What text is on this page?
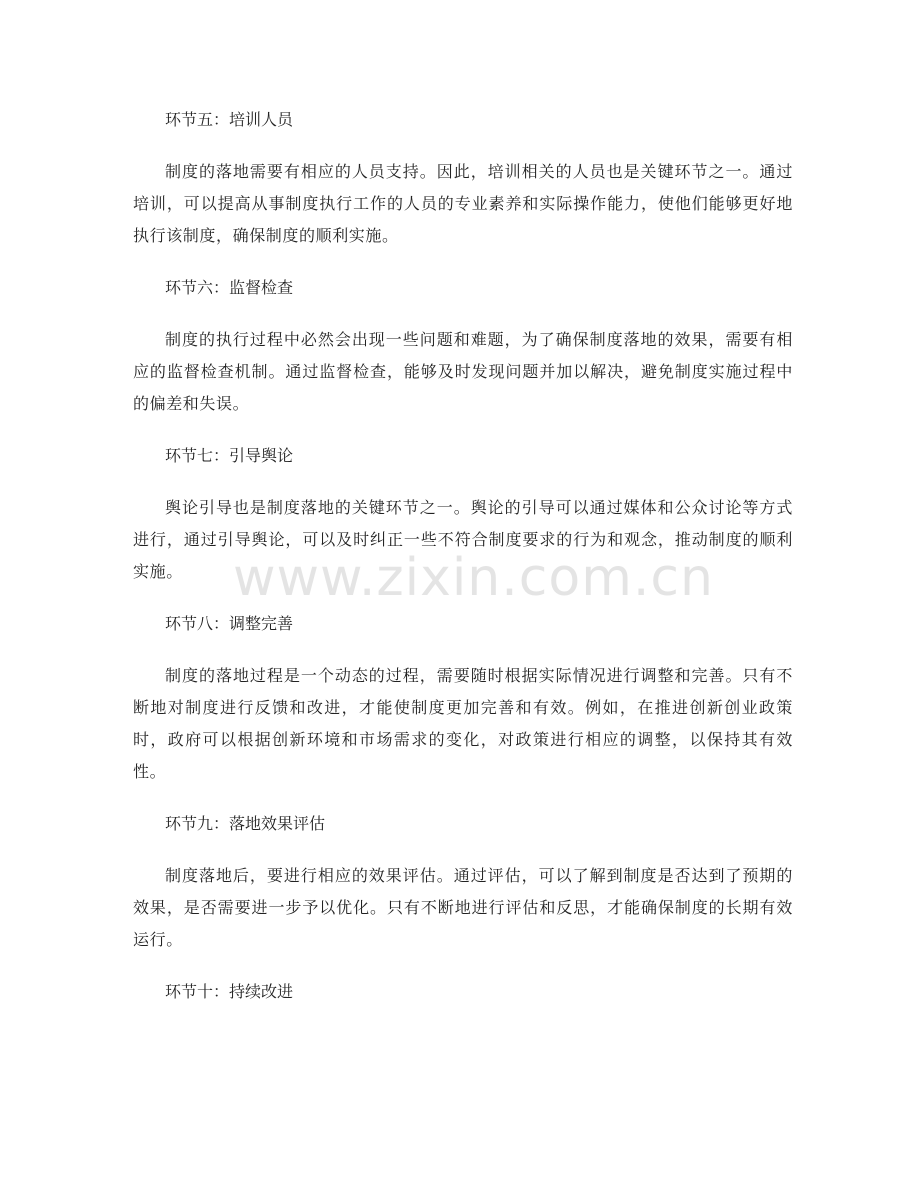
环节五：培训人员
制度的落地需要有相应的人员支持。因此，培训相关的人员也是关键环节之一。通过培训，可以提高从事制度执行工作的人员的专业素养和实际操作能力，使他们能够更好地执行该制度，确保制度的顺利实施。
环节六：监督检查
制度的执行过程中必然会出现一些问题和难题，为了确保制度落地的效果，需要有相应的监督检查机制。通过监督检查，能够及时发现问题并加以解决，避免制度实施过程中的偏差和失误。
环节七：引导舆论
舆论引导也是制度落地的关键环节之一。舆论的引导可以通过媒体和公众讨论等方式进行，通过引导舆论，可以及时纠正一些不符合制度要求的行为和观念，推动制度的顺利实施。
环节八：调整完善
制度的落地过程是一个动态的过程，需要随时根据实际情况进行调整和完善。只有不断地对制度进行反馈和改进，才能使制度更加完善和有效。例如，在推进创新创业政策时，政府可以根据创新环境和市场需求的变化，对政策进行相应的调整，以保持其有效性。
环节九：落地效果评估
制度落地后，要进行相应的效果评估。通过评估，可以了解到制度是否达到了预期的效果，是否需要进一步予以优化。只有不断地进行评估和反思，才能确保制度的长期有效运行。
环节十：持续改进
www.zixin.com.cn
